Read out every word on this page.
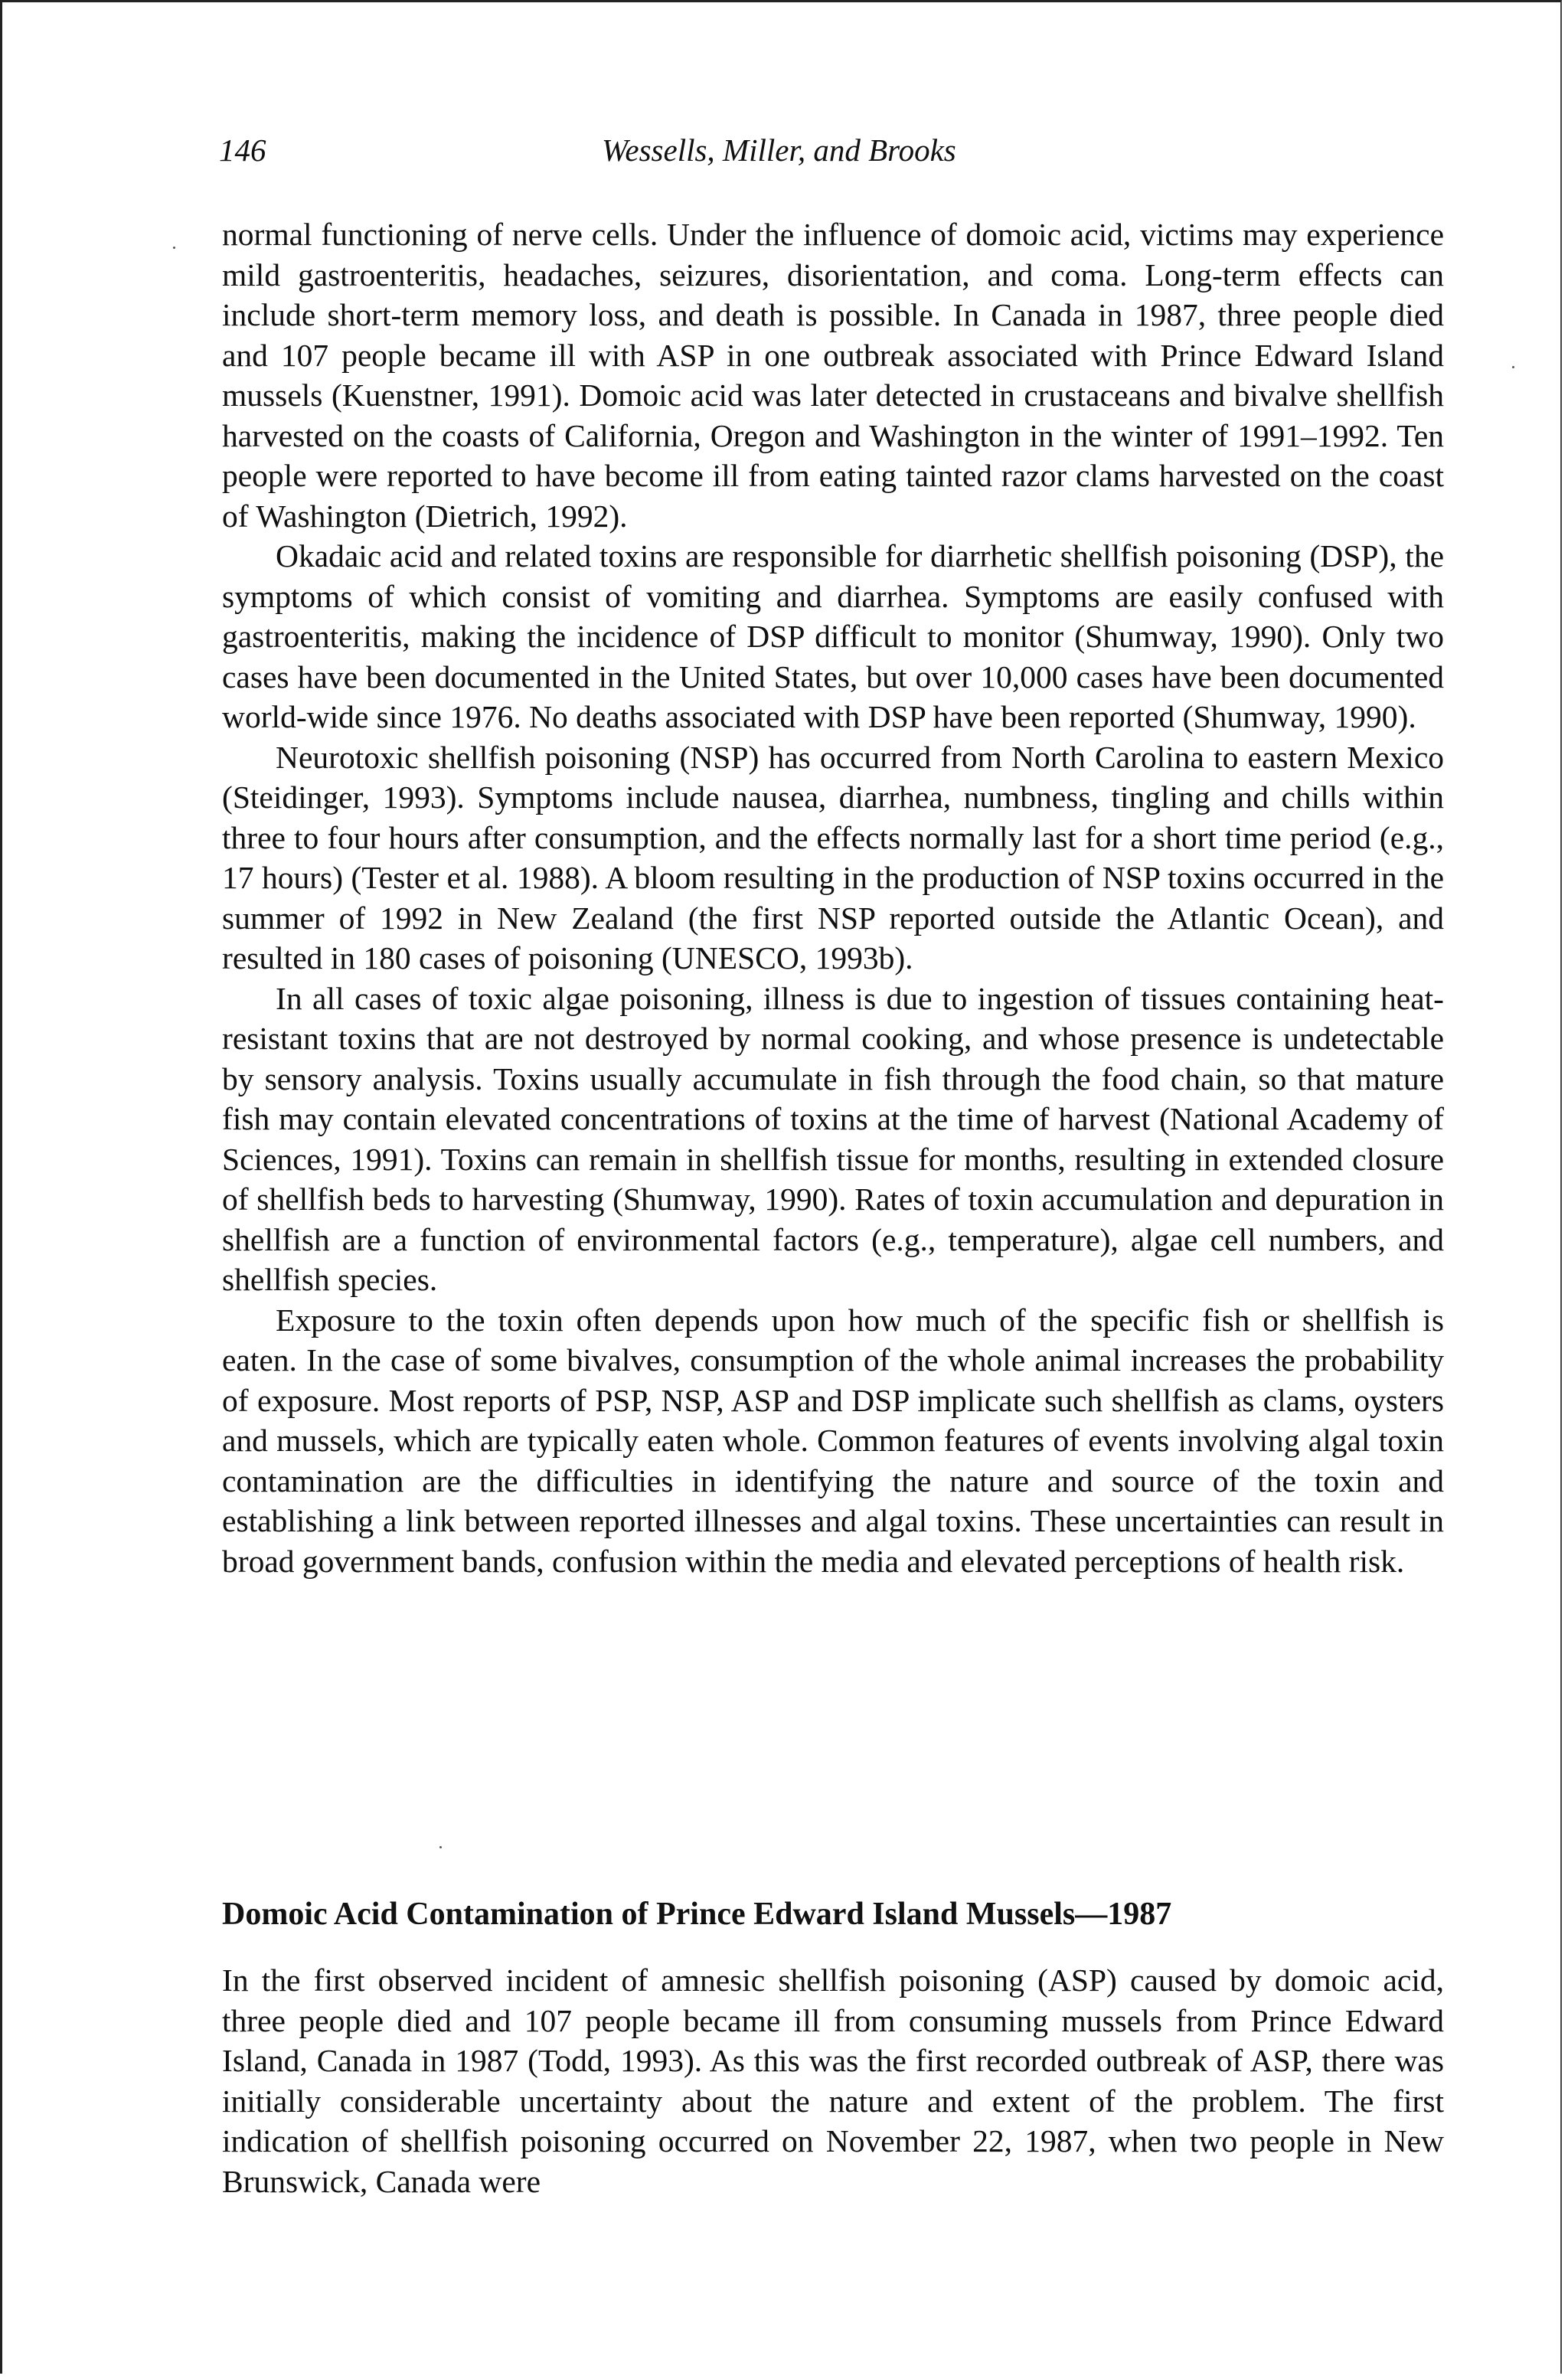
146	Wessells, Miller, and Brooks

normal functioning of nerve cells. Under the influence of domoic acid, victims may experience mild gastroenteritis, headaches, seizures, disorientation, and coma. Long-term effects can include short-term memory loss, and death is possible. In Canada in 1987, three people died and 107 people became ill with ASP in one outbreak associated with Prince Edward Island mussels (Kuenstner, 1991). Domoic acid was later detected in crustaceans and bivalve shellfish harvested on the coasts of California, Oregon and Washington in the winter of 1991–1992. Ten people were reported to have become ill from eating tainted razor clams harvested on the coast of Washington (Dietrich, 1992).

Okadaic acid and related toxins are responsible for diarrhetic shellfish poisoning (DSP), the symptoms of which consist of vomiting and diarrhea. Symptoms are easily confused with gastroenteritis, making the incidence of DSP difficult to monitor (Shumway, 1990). Only two cases have been documented in the United States, but over 10,000 cases have been documented world-wide since 1976. No deaths associated with DSP have been reported (Shumway, 1990).

Neurotoxic shellfish poisoning (NSP) has occurred from North Carolina to eastern Mexico (Steidinger, 1993). Symptoms include nausea, diarrhea, numbness, tingling and chills within three to four hours after consumption, and the effects normally last for a short time period (e.g., 17 hours) (Tester et al. 1988). A bloom resulting in the production of NSP toxins occurred in the summer of 1992 in New Zealand (the first NSP reported outside the Atlantic Ocean), and resulted in 180 cases of poisoning (UNESCO, 1993b).

In all cases of toxic algae poisoning, illness is due to ingestion of tissues containing heat-resistant toxins that are not destroyed by normal cooking, and whose presence is undetectable by sensory analysis. Toxins usually accumulate in fish through the food chain, so that mature fish may contain elevated concentrations of toxins at the time of harvest (National Academy of Sciences, 1991). Toxins can remain in shellfish tissue for months, resulting in extended closure of shellfish beds to harvesting (Shumway, 1990). Rates of toxin accumulation and depuration in shellfish are a function of environmental factors (e.g., temperature), algae cell numbers, and shellfish species.

Exposure to the toxin often depends upon how much of the specific fish or shellfish is eaten. In the case of some bivalves, consumption of the whole animal increases the probability of exposure. Most reports of PSP, NSP, ASP and DSP implicate such shellfish as clams, oysters and mussels, which are typically eaten whole. Common features of events involving algal toxin contamination are the difficulties in identifying the nature and source of the toxin and establishing a link between reported illnesses and algal toxins. These uncertainties can result in broad government bands, confusion within the media and elevated perceptions of health risk.

Domoic Acid Contamination of Prince Edward Island Mussels—1987

In the first observed incident of amnesic shellfish poisoning (ASP) caused by domoic acid, three people died and 107 people became ill from consuming mussels from Prince Edward Island, Canada in 1987 (Todd, 1993). As this was the first recorded outbreak of ASP, there was initially considerable uncertainty about the nature and extent of the problem. The first indication of shellfish poisoning occurred on November 22, 1987, when two people in New Brunswick, Canada were
